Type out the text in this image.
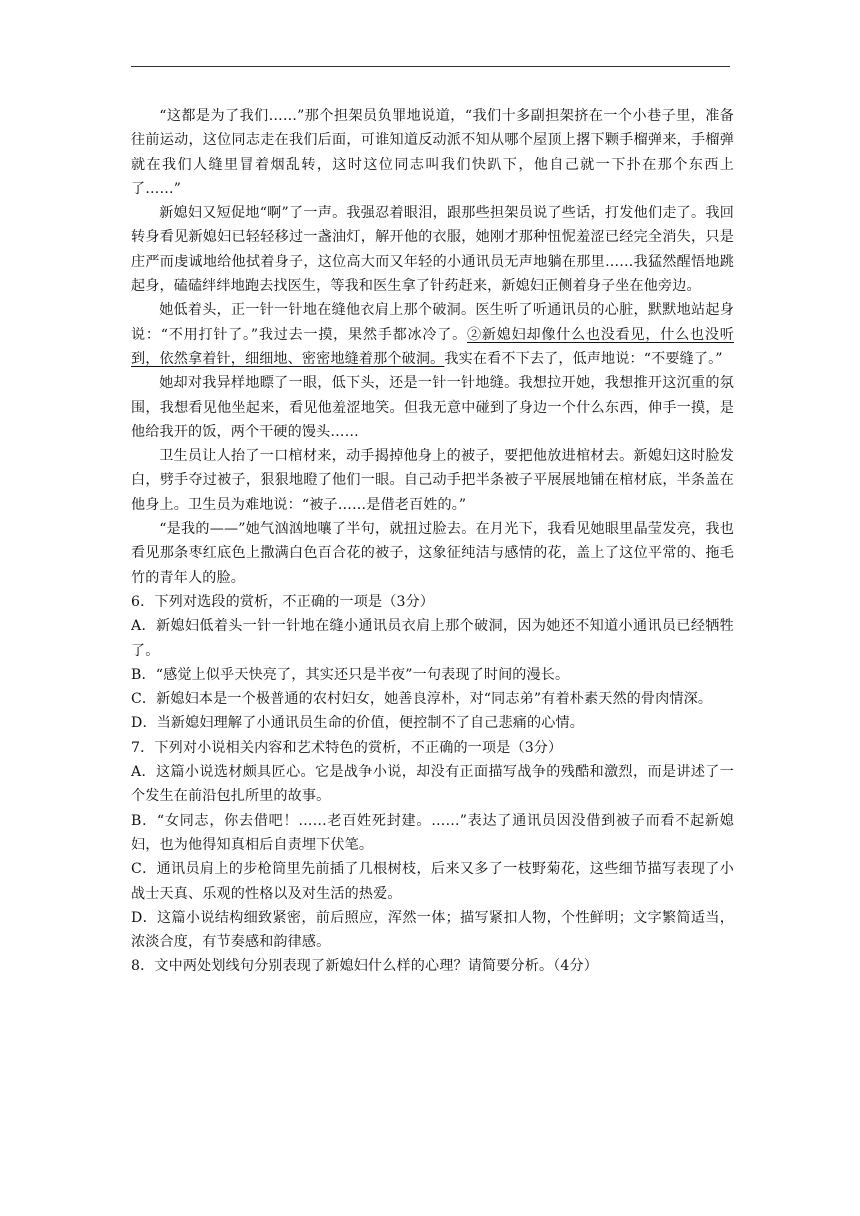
“这都是为了我们……”那个担架员负罪地说道，“我们十多副担架挤在一个小巷子里，准备往前运动，这位同志走在我们后面，可谁知道反动派不知从哪个屋顶上撂下颗手榴弹来，手榴弹就在我们人缝里冒着烟乱转，这时这位同志叫我们快趴下，他自己就一下扑在那个东西上了……”

新媳妇又短促地“啊”了一声。我强忍着眼泪，跟那些担架员说了些话，打发他们走了。我回转身看见新媳妇已轻轻移过一盏油灯，解开他的衣服，她刚才那种忸怩羞涩已经完全消失，只是庄严而虔诚地给他拭着身子，这位高大而又年轻的小通讯员无声地躺在那里……我猛然醒悟地跳起身，磕磕绊绊地跑去找医生，等我和医生拿了针药赶来，新媳妇正侧着身子坐在他旁边。

她低着头，正一针一针地在缝他衣肩上那个破洞。医生听了听通讯员的心脏，默默地站起身说：“不用打针了。”我过去一摸，果然手都冰冷了。②新媳妇却像什么也没看见，什么也没听到，依然拿着针，细细地、密密地缝着那个破洞。我实在看不下去了，低声地说：“不要缝了。”

她却对我异样地瞟了一眼，低下头，还是一针一针地缝。我想拉开她，我想推开这沉重的氛围，我想看见他坐起来，看见他羞涩地笑。但我无意中碰到了身边一个什么东西，伸手一摸，是他给我开的饭，两个干硬的馒头……

卫生员让人抬了一口棺材来，动手揭掉他身上的被子，要把他放进棺材去。新媳妇这时脸发白，劈手夺过被子，狠狠地瞪了他们一眼。自己动手把半条被子平展展地铺在棺材底，半条盖在他身上。卫生员为难地说：“被子……是借老百姓的。”

“是我的——”她气汹汹地嚷了半句，就扭过脸去。在月光下，我看见她眼里晶莹发亮，我也看见那条枣红底色上撒满白色百合花的被子，这象征纯洁与感情的花，盖上了这位平常的、拖毛竹的青年人的脸。

6．下列对选段的赏析，不正确的一项是（3分）

A．新媳妇低着头一针一针地在缝小通讯员衣肩上那个破洞，因为她还不知道小通讯员已经牺牲了。

B．“感觉上似乎天快亮了，其实还只是半夜”一句表现了时间的漫长。

C．新媳妇本是一个极普通的农村妇女，她善良淳朴，对“同志弟”有着朴素天然的骨肉情深。

D．当新媳妇理解了小通讯员生命的价值，便控制不了自己悲痛的心情。

7．下列对小说相关内容和艺术特色的赏析，不正确的一项是（3分）

A．这篇小说选材颇具匠心。它是战争小说，却没有正面描写战争的残酷和激烈，而是讲述了一个发生在前沿包扎所里的故事。

B．“女同志，你去借吧！……老百姓死封建。……”表达了通讯员因没借到被子而看不起新媳妇，也为他得知真相后自责埋下伏笔。

C．通讯员肩上的步枪筒里先前插了几根树枝，后来又多了一枝野菊花，这些细节描写表现了小战士天真、乐观的性格以及对生活的热爱。

D．这篇小说结构细致紧密，前后照应，浑然一体；描写紧扣人物，个性鲜明；文字繁简适当，浓淡合度，有节奏感和韵律感。

8．文中两处划线句分别表现了新媳妇什么样的心理？请简要分析。（4分）
